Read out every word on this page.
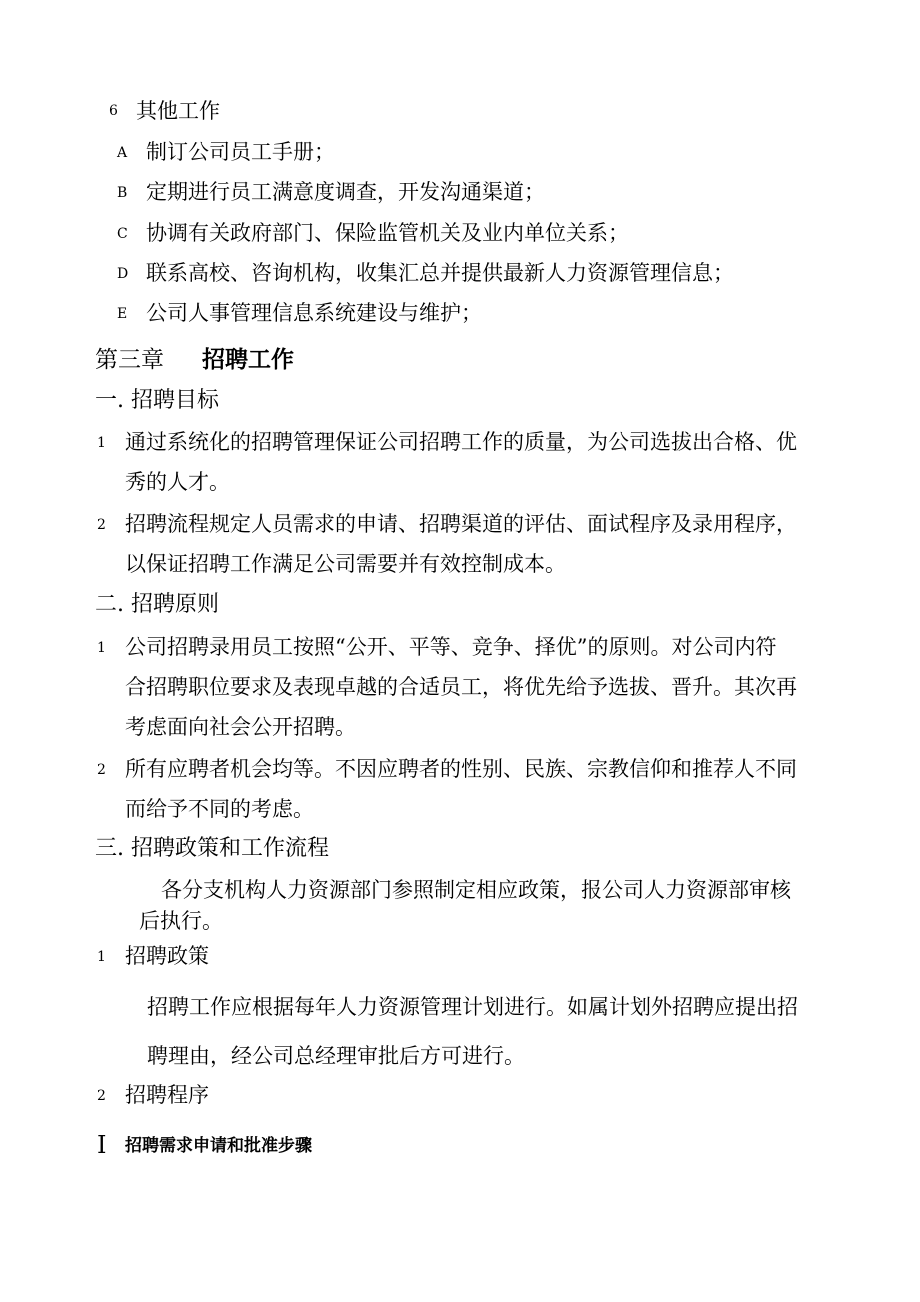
6 其他工作
A 制订公司员工手册；
B 定期进行员工满意度调查，开发沟通渠道；
C 协调有关政府部门、保险监管机关及业内单位关系；
D 联系高校、咨询机构，收集汇总并提供最新人力资源管理信息；
E 公司人事管理信息系统建设与维护；
第三章 招聘工作
一. 招聘目标
1 通过系统化的招聘管理保证公司招聘工作的质量，为公司选拔出合格、优
秀的人才。
2 招聘流程规定人员需求的申请、招聘渠道的评估、面试程序及录用程序，
以保证招聘工作满足公司需要并有效控制成本。
二. 招聘原则
1 公司招聘录用员工按照“公开、平等、竞争、择优”的原则。对公司内符
合招聘职位要求及表现卓越的合适员工，将优先给予选拔、晋升。其次再
考虑面向社会公开招聘。
2 所有应聘者机会均等。不因应聘者的性别、民族、宗教信仰和推荐人不同
而给予不同的考虑。
三. 招聘政策和工作流程
各分支机构人力资源部门参照制定相应政策，报公司人力资源部审核
后执行。
1 招聘政策
招聘工作应根据每年人力资源管理计划进行。如属计划外招聘应提出招
聘理由，经公司总经理审批后方可进行。
2 招聘程序
I 招聘需求申请和批准步骤
